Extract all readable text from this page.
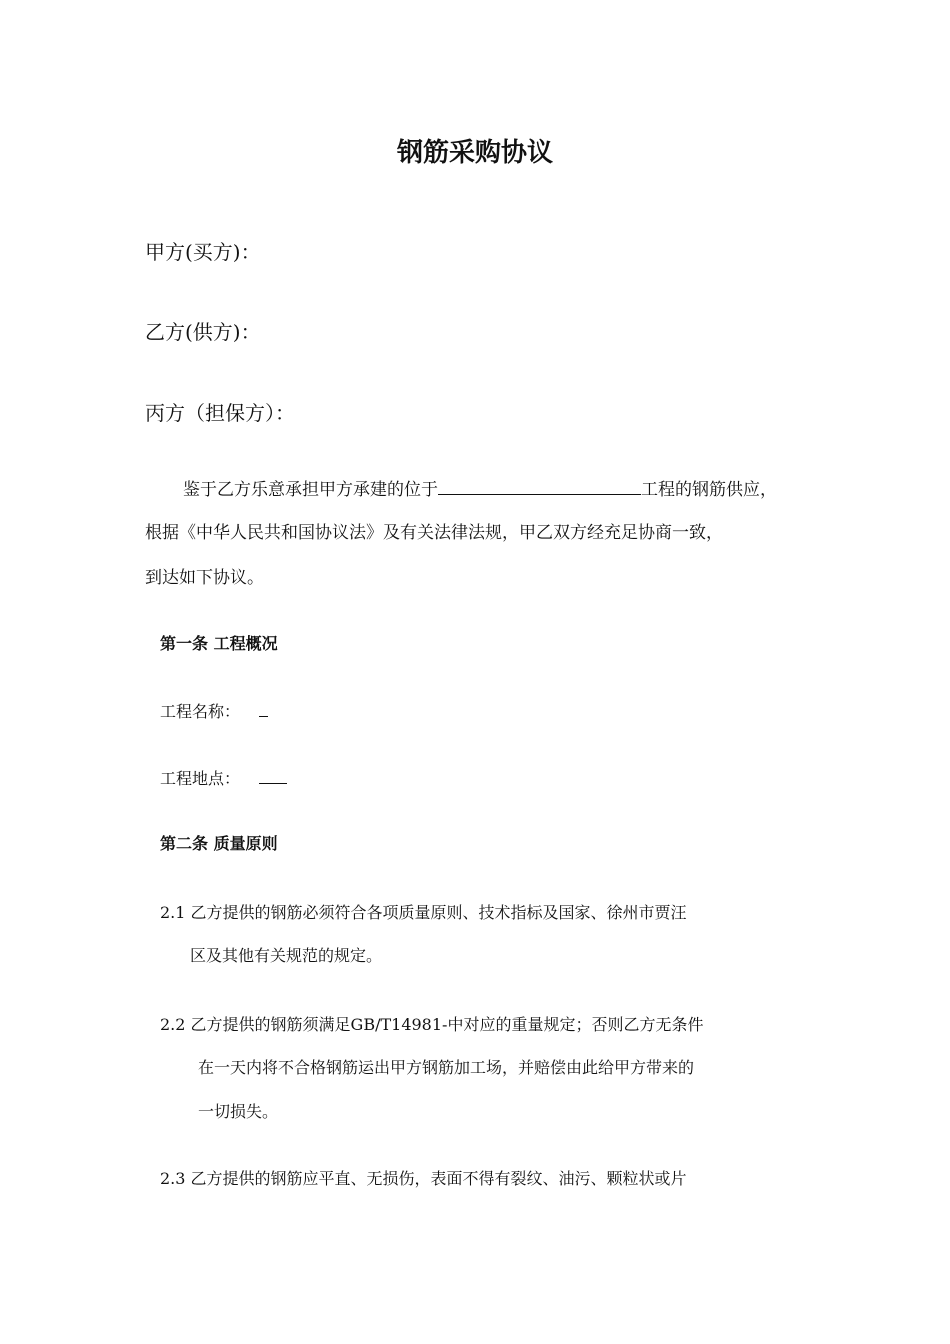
钢筋采购协议
甲方(买方)：
乙方(供方)：
丙方（担保方）：
鉴于乙方乐意承担甲方承建的位于	工程的钢筋供应，
根据《中华人民共和国协议法》及有关法律法规，甲乙双方经充足协商一致，
到达如下协议。
第一条 工程概况
工程名称：
工程地点：
第二条 质量原则
2.1 乙方提供的钢筋必须符合各项质量原则、技术指标及国家、徐州市贾汪
区及其他有关规范的规定。
2.2 乙方提供的钢筋须满足GB/T14981-中对应的重量规定；否则乙方无条件
在一天内将不合格钢筋运出甲方钢筋加工场，并赔偿由此给甲方带来的
一切损失。
2.3 乙方提供的钢筋应平直、无损伤，表面不得有裂纹、油污、颗粒状或片
